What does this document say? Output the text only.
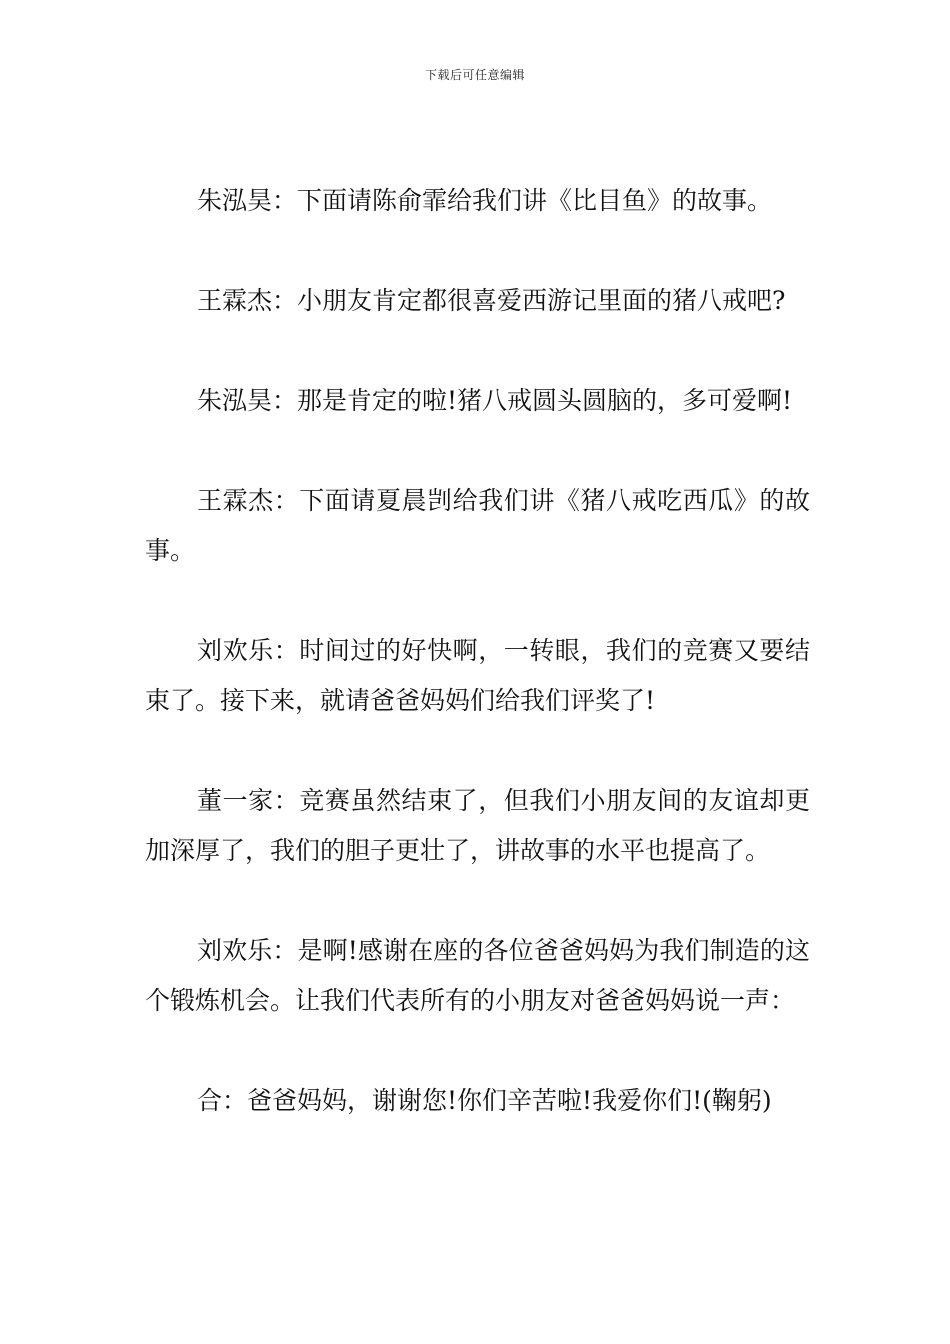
下载后可任意编辑

朱泓昊：下面请陈俞霏给我们讲《比目鱼》的故事。

王霖杰：小朋友肯定都很喜爱西游记里面的猪八戒吧?

朱泓昊：那是肯定的啦!猪八戒圆头圆脑的，多可爱啊!

王霖杰：下面请夏晨剀给我们讲《猪八戒吃西瓜》的故事。

刘欢乐：时间过的好快啊，一转眼，我们的竞赛又要结束了。接下来，就请爸爸妈妈们给我们评奖了!

董一家：竞赛虽然结束了，但我们小朋友间的友谊却更加深厚了，我们的胆子更壮了，讲故事的水平也提高了。

刘欢乐：是啊!感谢在座的各位爸爸妈妈为我们制造的这个锻炼机会。让我们代表所有的小朋友对爸爸妈妈说一声：

合：爸爸妈妈，谢谢您!你们辛苦啦!我爱你们!(鞠躬)
